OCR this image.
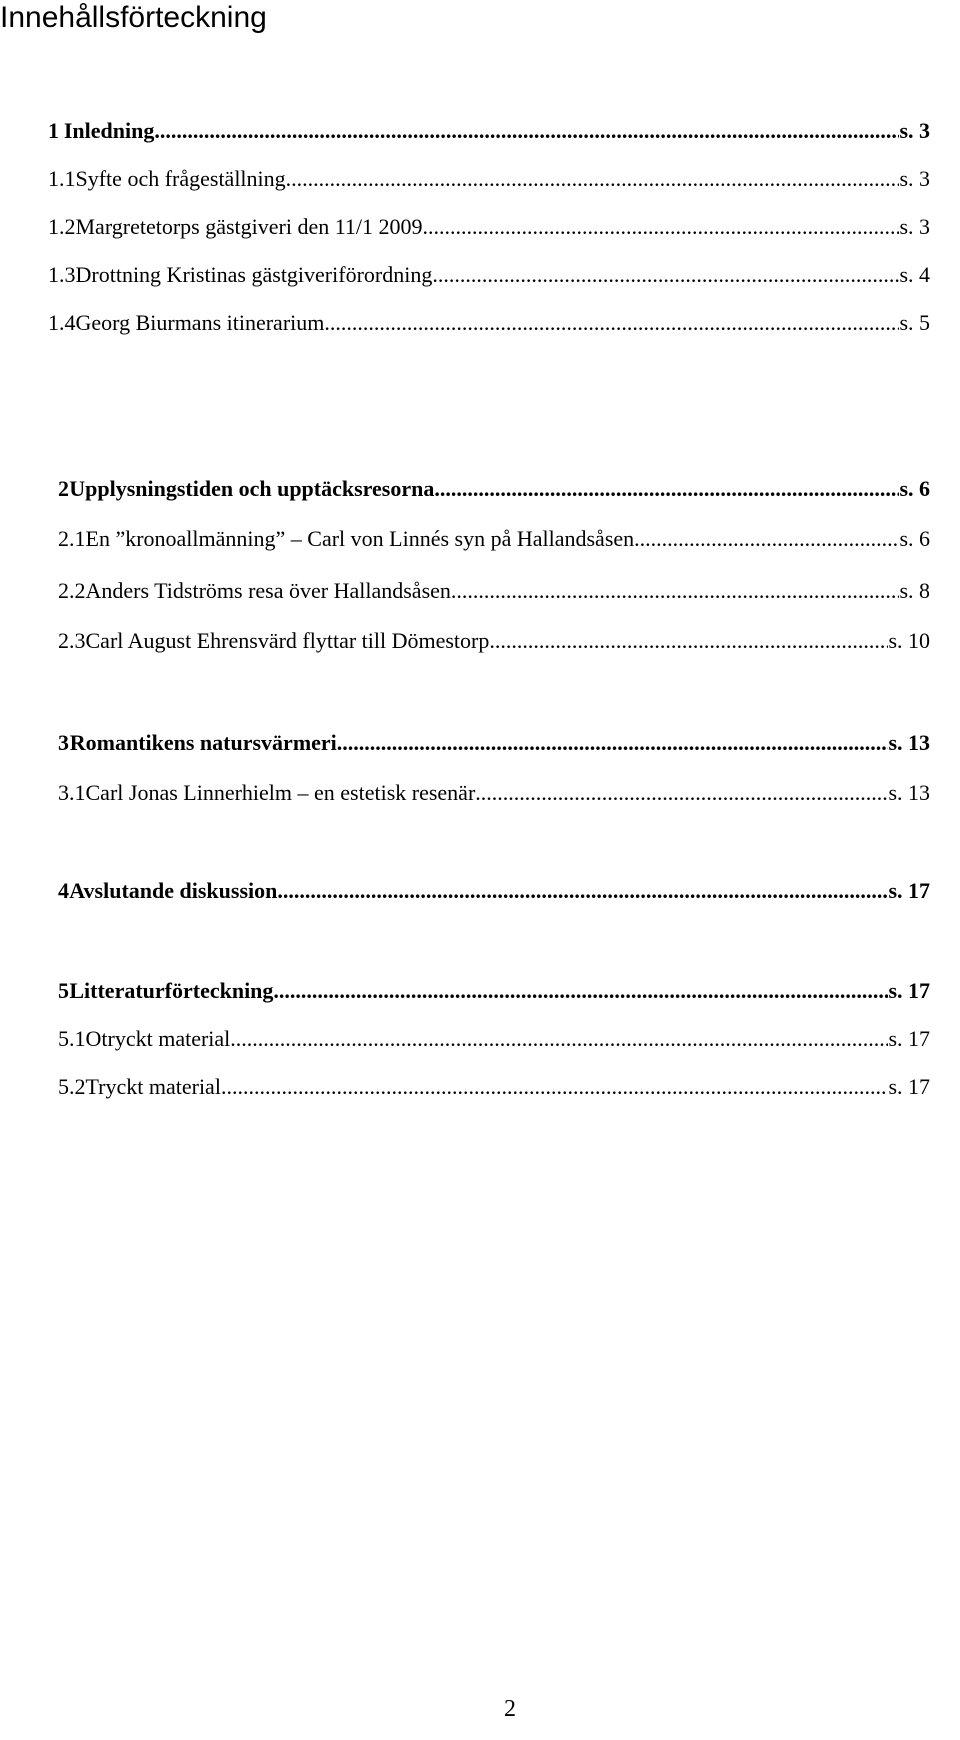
Innehållsförteckning
1 Inledning .....	s. 3
1.1 Syfte och frågeställning .....	s. 3
1.2 Margretetorps gästgiveri den 11/1 2009 .....	s. 3
1.3 Drottning Kristinas gästgiveriförordning .....	s. 4
1.4 Georg Biurmans itinerarium .....	s. 5
2 Upplysningstiden och upptäcksresorna .....	s. 6
2.1 En ”kronoallmänning” – Carl von Linnés syn på Hallandsåsen .....	s. 6
2.2 Anders Tidströms resa över Hallandsåsen .....	s. 8
2.3 Carl August Ehrensvärd flyttar till Dömestorp .....	s. 10
3 Romantikens natursvärmeri .....	s. 13
3.1 Carl Jonas Linnerhielm – en estetisk resenär .....	s. 13
4 Avslutande diskussion .....	s. 17
5 Litteraturförteckning .....	s. 17
5.1 Otryckt material .....	s. 17
5.2 Tryckt material .....	s. 17
2
